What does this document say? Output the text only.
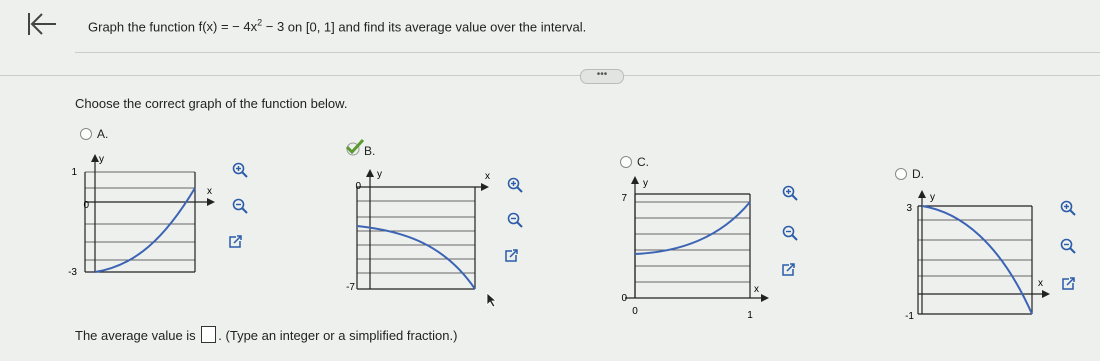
Graph the function f(x) = − $4x^2 - 3$ on [0, 1] and find its average value over the interval.
•••
Choose the correct graph of the function below.
A.
y
x
1
0
-3
B.
y	x
0
-7
C.
y
x
7
0
0	1
D.
y
x
3
-1
The average value is . (Type an integer or a simplified fraction.)
